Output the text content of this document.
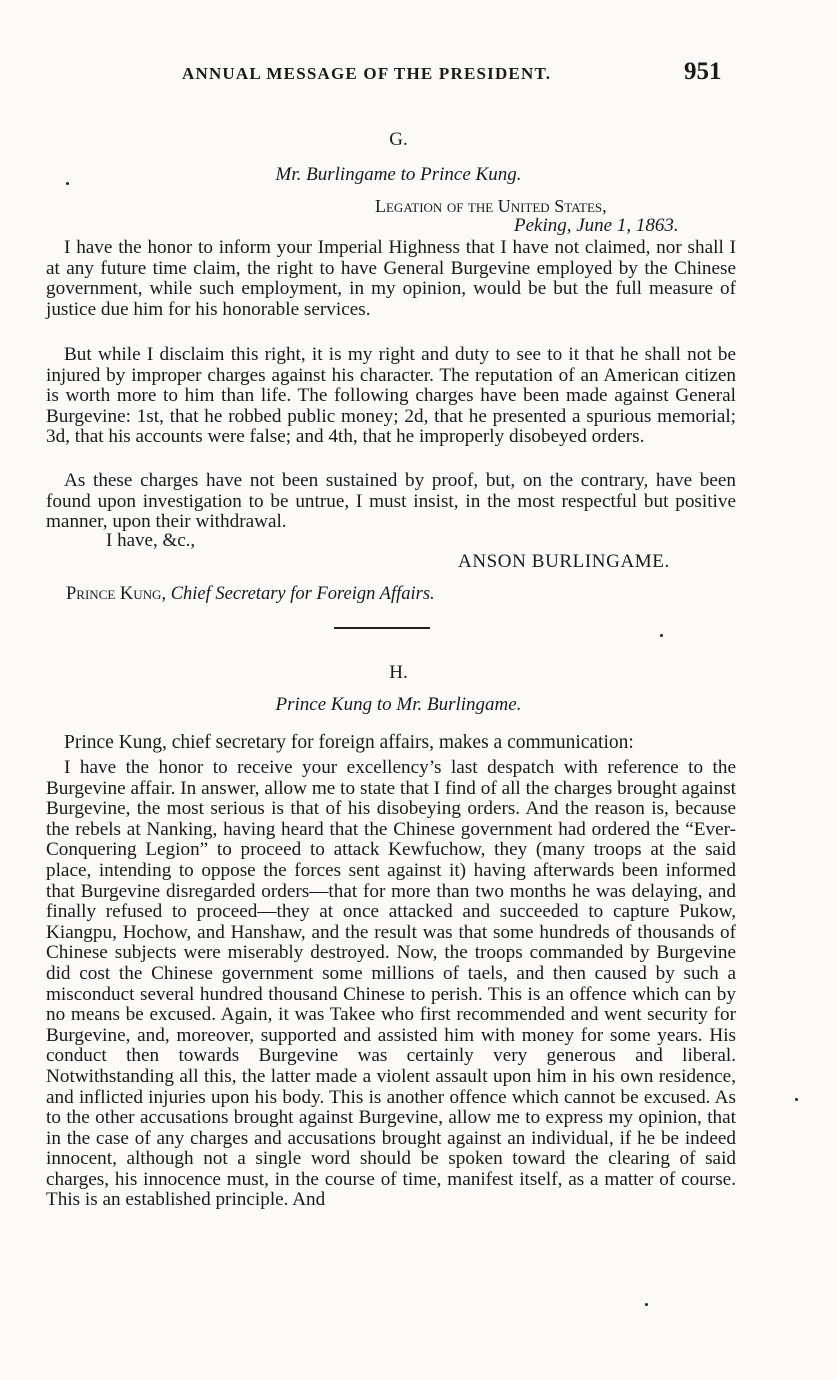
ANNUAL MESSAGE OF THE PRESIDENT.	951
G.
Mr. Burlingame to Prince Kung.
Legation of the United States,
Peking, June 1, 1863.

I have the honor to inform your Imperial Highness that I have not claimed, nor shall I at any future time claim, the right to have General Burgevine employed by the Chinese government, while such employment, in my opinion, would be but the full measure of justice due him for his honorable services.

But while I disclaim this right, it is my right and duty to see to it that he shall not be injured by improper charges against his character. The reputation of an American citizen is worth more to him than life. The following charges have been made against General Burgevine: 1st, that he robbed public money; 2d, that he presented a spurious memorial; 3d, that his accounts were false; and 4th, that he improperly disobeyed orders.

As these charges have not been sustained by proof, but, on the contrary, have been found upon investigation to be untrue, I must insist, in the most respectful but positive manner, upon their withdrawal.

I have, &c.,
ANSON BURLINGAME.
Prince Kung, Chief Secretary for Foreign Affairs.
H.
Prince Kung to Mr. Burlingame.
Prince Kung, chief secretary for foreign affairs, makes a communication:

I have the honor to receive your excellency’s last despatch with reference to the Burgevine affair. In answer, allow me to state that I find of all the charges brought against Burgevine, the most serious is that of his disobeying orders. And the reason is, because the rebels at Nanking, having heard that the Chinese government had ordered the “Ever-Conquering Legion” to proceed to attack Kewfuchow, they (many troops at the said place, intending to oppose the forces sent against it) having afterwards been informed that Burgevine disregarded orders—that for more than two months he was delaying, and finally refused to proceed—they at once attacked and succeeded to capture Pukow, Kiangpu, Hochow, and Hanshaw, and the result was that some hundreds of thousands of Chinese subjects were miserably destroyed. Now, the troops commanded by Burgevine did cost the Chinese government some millions of taels, and then caused by such a misconduct several hundred thousand Chinese to perish. This is an offence which can by no means be excused. Again, it was Takee who first recommended and went security for Burgevine, and, moreover, supported and assisted him with money for some years. His conduct then towards Burgevine was certainly very generous and liberal. Notwithstanding all this, the latter made a violent assault upon him in his own residence, and inflicted injuries upon his body. This is another offence which cannot be excused. As to the other accusations brought against Burgevine, allow me to express my opinion, that in the case of any charges and accusations brought against an individual, if he be indeed innocent, although not a single word should be spoken toward the clearing of said charges, his innocence must, in the course of time, manifest itself, as a matter of course. This is an established principle. And
